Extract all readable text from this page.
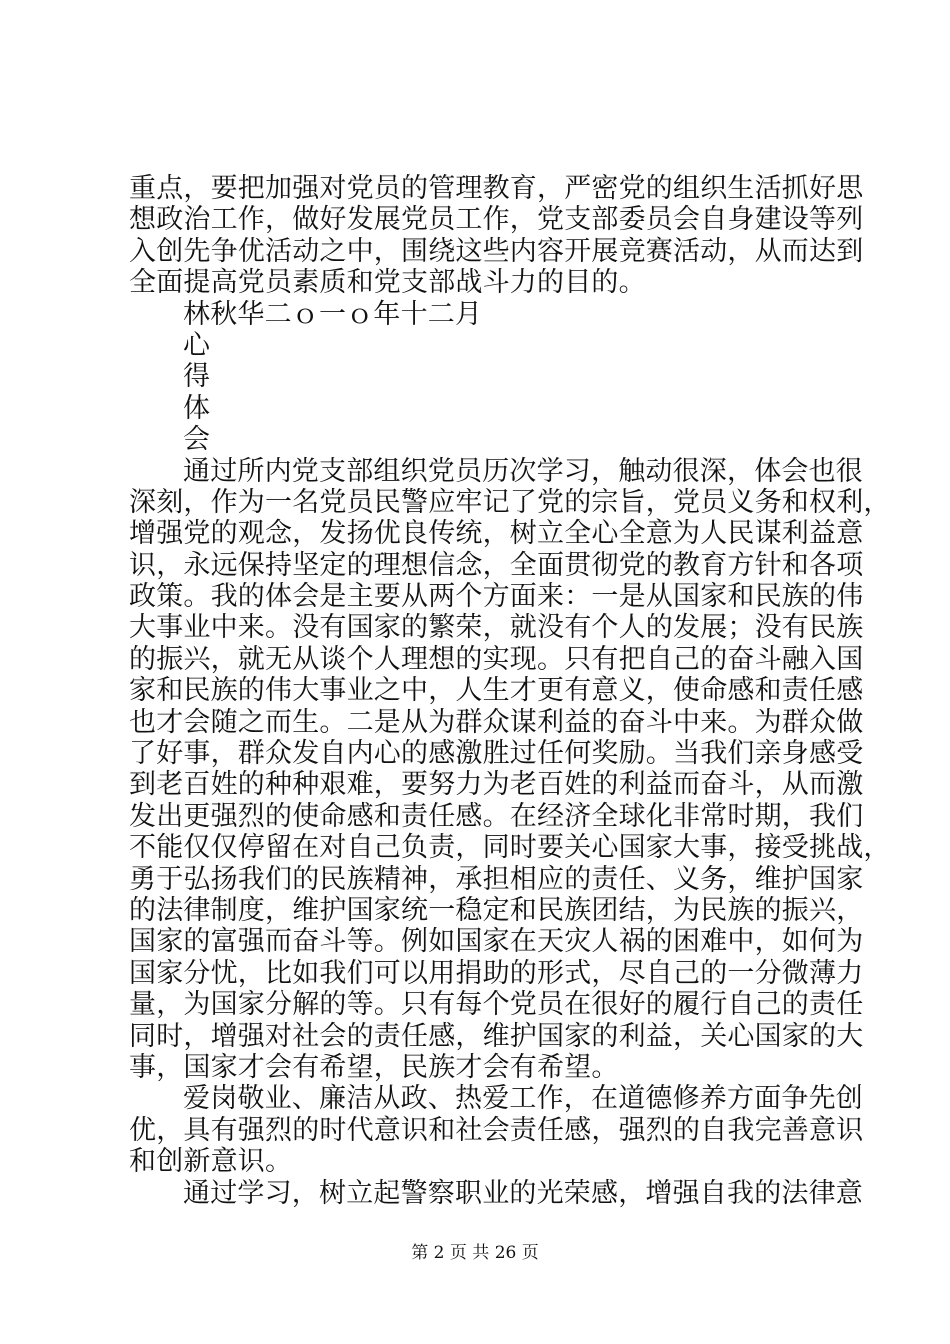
重点，要把加强对党员的管理教育，严密党的组织生活抓好思
想政治工作，做好发展党员工作，党支部委员会自身建设等列
入创先争优活动之中，围绕这些内容开展竞赛活动，从而达到
全面提高党员素质和党支部战斗力的目的。
林秋华二ｏ一ｏ年十二月
心
得
体
会
通过所内党支部组织党员历次学习，触动很深，体会也很
深刻，作为一名党员民警应牢记了党的宗旨，党员义务和权利，
增强党的观念，发扬优良传统，树立全心全意为人民谋利益意
识，永远保持坚定的理想信念，全面贯彻党的教育方针和各项
政策。我的体会是主要从两个方面来：一是从国家和民族的伟
大事业中来。没有国家的繁荣，就没有个人的发展；没有民族
的振兴，就无从谈个人理想的实现。只有把自己的奋斗融入国
家和民族的伟大事业之中，人生才更有意义，使命感和责任感
也才会随之而生。二是从为群众谋利益的奋斗中来。为群众做
了好事，群众发自内心的感激胜过任何奖励。当我们亲身感受
到老百姓的种种艰难，要努力为老百姓的利益而奋斗，从而激
发出更强烈的使命感和责任感。在经济全球化非常时期，我们
不能仅仅停留在对自己负责，同时要关心国家大事，接受挑战，
勇于弘扬我们的民族精神，承担相应的责任、义务，维护国家
的法律制度，维护国家统一稳定和民族团结，为民族的振兴，
国家的富强而奋斗等。例如国家在天灾人祸的困难中，如何为
国家分忧，比如我们可以用捐助的形式，尽自己的一分微薄力
量，为国家分解的等。只有每个党员在很好的履行自己的责任
同时，增强对社会的责任感，维护国家的利益，关心国家的大
事，国家才会有希望，民族才会有希望。
爱岗敬业、廉洁从政、热爱工作，在道德修养方面争先创
优，具有强烈的时代意识和社会责任感，强烈的自我完善意识
和创新意识。
通过学习，树立起警察职业的光荣感，增强自我的法律意
第 2 页 共 26 页
